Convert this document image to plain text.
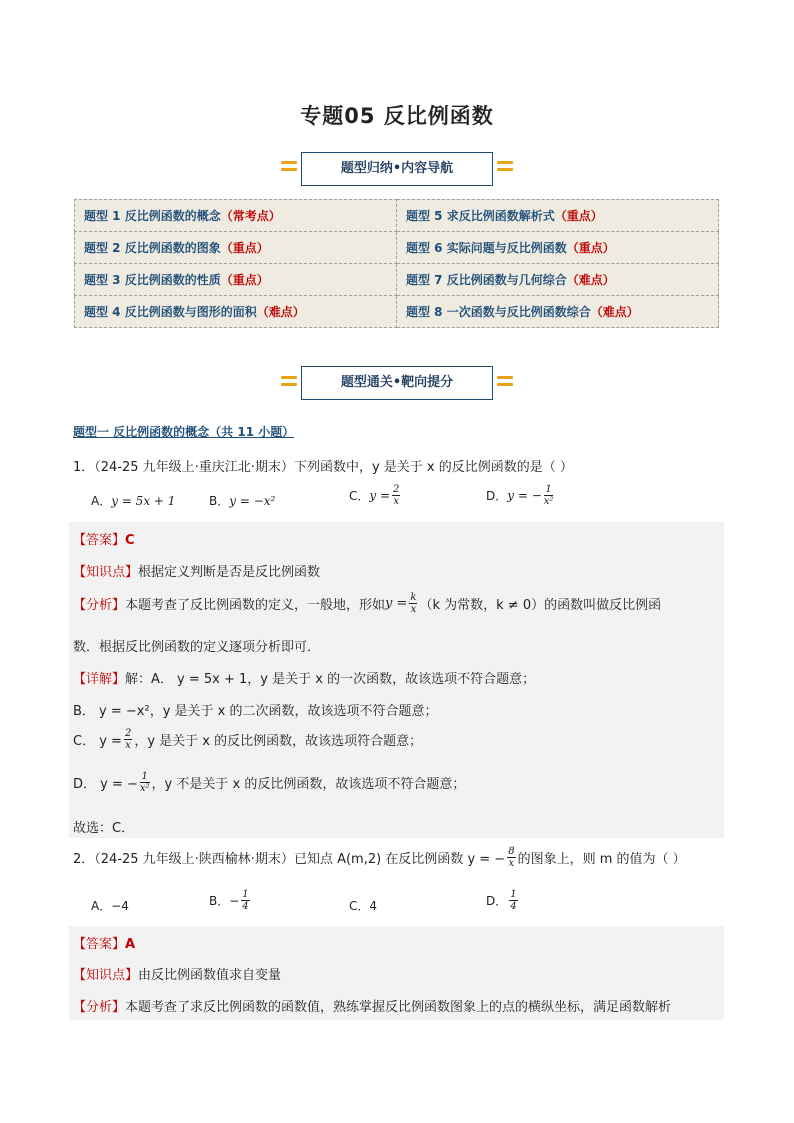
专题05 反比例函数
题型归纳•内容导航
题型 1 反比例函数的概念（常考点）	题型 5 求反比例函数解析式（重点）
题型 2 反比例函数的图象（重点）	题型 6 实际问题与反比例函数（重点）
题型 3 反比例函数的性质（重点）	题型 7 反比例函数与几何综合（难点）
题型 4 反比例函数与图形的面积（难点）	题型 8 一次函数与反比例函数综合（难点）
题型通关•靶向提分
题型一 反比例函数的概念（共 11 小题）
1．（24-25 九年级上·重庆江北·期末）下列函数中，y 是关于 x 的反比例函数的是（ ）
A．y = 5x + 1	B．y = −x²	C．$y = \frac{2}{x}$	D．y = − $\frac{1}{\text{x²}}$
【答案】C
【知识点】根据定义判断是否是反比例函数
【分析】本题考查了反比例函数的定义，一般地，形如$y = \frac{k}{x} (k$ 为常数，k ≠ 0）的函数叫做反比例函
数．根据反比例函数的定义逐项分析即可．
【详解】解：A． y = 5x + 1，y 是关于 x 的一次函数，故该选项不符合题意；
B． y = −x²，y 是关于 x 的二次函数，故该选项不符合题意；
C． $y = \frac{2}{x}$ ，y 是关于 x 的反比例函数，故该选项符合题意；
D． y = − $\frac{1}{\text{x²}}$ ，y 不是关于 x 的反比例函数，故该选项不符合题意；
故选：C．
2．（24-25 九年级上·陕西榆林·期末）已知点 A(m,2) 在反比例函数 y = − $\frac{8}{x}$ 的图象上，则 m 的值为（ ）
A．−4	B．− $\frac{1}{4}$	C．4	D． $\frac{1}{4}$
【答案】A
【知识点】由反比例函数值求自变量
【分析】本题考查了求反比例函数的函数值，熟练掌握反比例函数图象上的点的横纵坐标，满足函数解析
